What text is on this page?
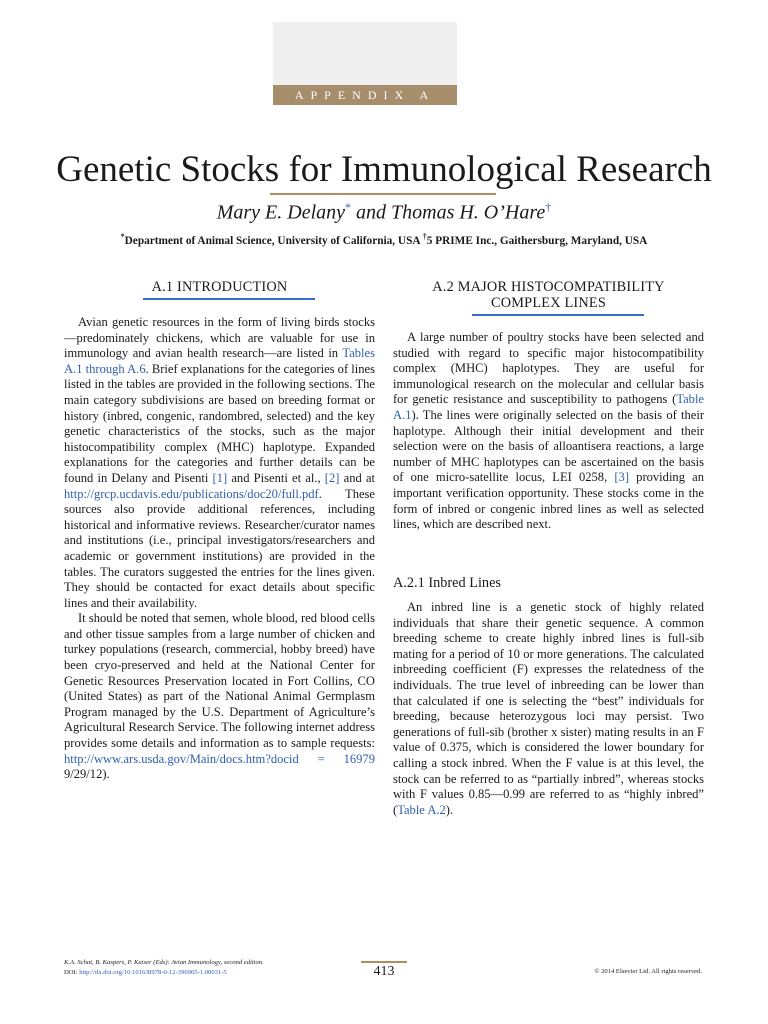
APPENDIX A
Genetic Stocks for Immunological Research
Mary E. Delany* and Thomas H. O’Hare†
*Department of Animal Science, University of California, USA †5 PRIME Inc., Gaithersburg, Maryland, USA
A.1 INTRODUCTION

Avian genetic resources in the form of living birds stocks—predominately chickens, which are valuable for use in immunology and avian health research—are listed in Tables A.1 through A.6. Brief explanations for the categories of lines listed in the tables are provided in the following sections. The main category subdivisions are based on breeding format or history (inbred, congenic, randombred, selected) and the key genetic characteristics of the stocks, such as the major histocompatibility complex (MHC) haplotype. Expanded explanations for the categories and further details can be found in Delany and Pisenti [1] and Pisenti et al., [2] and at http://grcp.ucdavis.edu/publications/doc20/full.pdf. These sources also provide additional references, including historical and informative reviews. Researcher/curator names and institutions (i.e., principal investigators/researchers and academic or government institutions) are provided in the tables. The curators suggested the entries for the lines given. They should be contacted for exact details about specific lines and their availability.

It should be noted that semen, whole blood, red blood cells and other tissue samples from a large number of chicken and turkey populations (research, commercial, hobby breed) have been cryo-preserved and held at the National Center for Genetic Resources Preservation located in Fort Collins, CO (United States) as part of the National Animal Germplasm Program managed by the U.S. Department of Agriculture’s Agricultural Research Service. The following internet address provides some details and information as to sample requests: http://www.ars.usda.gov/Main/docs.htm?docid = 16979 9/29/12).

A.2 MAJOR HISTOCOMPATIBILITY
COMPLEX LINES

A large number of poultry stocks have been selected and studied with regard to specific major histocompatibility complex (MHC) haplotypes. They are useful for immunological research on the molecular and cellular basis for genetic resistance and susceptibility to pathogens (Table A.1). The lines were originally selected on the basis of their haplotype. Although their initial development and their selection were on the basis of alloantisera reactions, a large number of MHC haplotypes can be ascertained on the basis of one micro-satellite locus, LEI 0258, [3] providing an important verification opportunity. These stocks come in the form of inbred or congenic inbred lines as well as selected lines, which are described next.

A.2.1 Inbred Lines

An inbred line is a genetic stock of highly related individuals that share their genetic sequence. A common breeding scheme to create highly inbred lines is full-sib mating for a period of 10 or more generations. The calculated inbreeding coefficient (F) expresses the relatedness of the individuals. The true level of inbreeding can be lower than that calculated if one is selecting the “best” individuals for breeding, because heterozygous loci may persist. Two generations of full-sib (brother x sister) mating results in an F value of 0.375, which is considered the lower boundary for calling a stock inbred. When the F value is at this level, the stock can be referred to as “partially inbred”, whereas stocks with F values 0.85—0.99 are referred to as “highly inbred” (Table A.2).

K.A. Schat, B. Kaspers, P. Kaiser (Eds): Avian Immunology, second edition.
DOI: http://dx.doi.org/10.1016/B978-0-12-396965-1.00031-5	413	© 2014 Elsevier Ltd. All rights reserved.
